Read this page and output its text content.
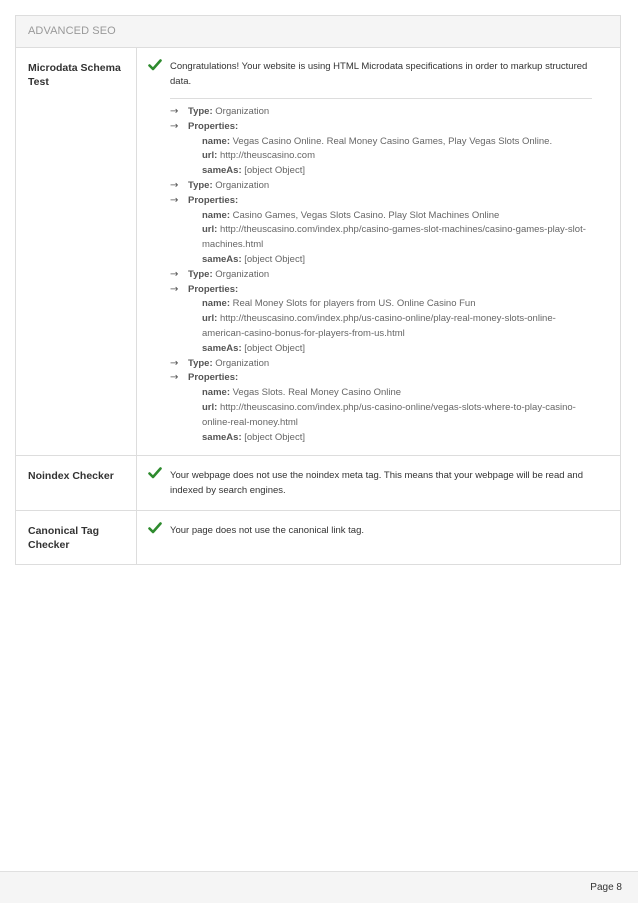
ADVANCED SEO
Microdata Schema Test
Congratulations! Your website is using HTML Microdata specifications in order to markup structured data.
→ Type: Organization
→ Properties:
name: Vegas Casino Online. Real Money Casino Games, Play Vegas Slots Online.
url: http://theuscasino.com
sameAs: [object Object]
→ Type: Organization
→ Properties:
name: Casino Games, Vegas Slots Casino. Play Slot Machines Online
url: http://theuscasino.com/index.php/casino-games-slot-machines/casino-games-play-slot-machines.html
sameAs: [object Object]
→ Type: Organization
→ Properties:
name: Real Money Slots for players from US. Online Casino Fun
url: http://theuscasino.com/index.php/us-casino-online/play-real-money-slots-online-american-casino-bonus-for-players-from-us.html
sameAs: [object Object]
→ Type: Organization
→ Properties:
name: Vegas Slots. Real Money Casino Online
url: http://theuscasino.com/index.php/us-casino-online/vegas-slots-where-to-play-casino-online-real-money.html
sameAs: [object Object]
Noindex Checker	Your webpage does not use the noindex meta tag. This means that your webpage will be read and indexed by search engines.
Canonical Tag Checker
Your page does not use the canonical link tag.
Page 8
